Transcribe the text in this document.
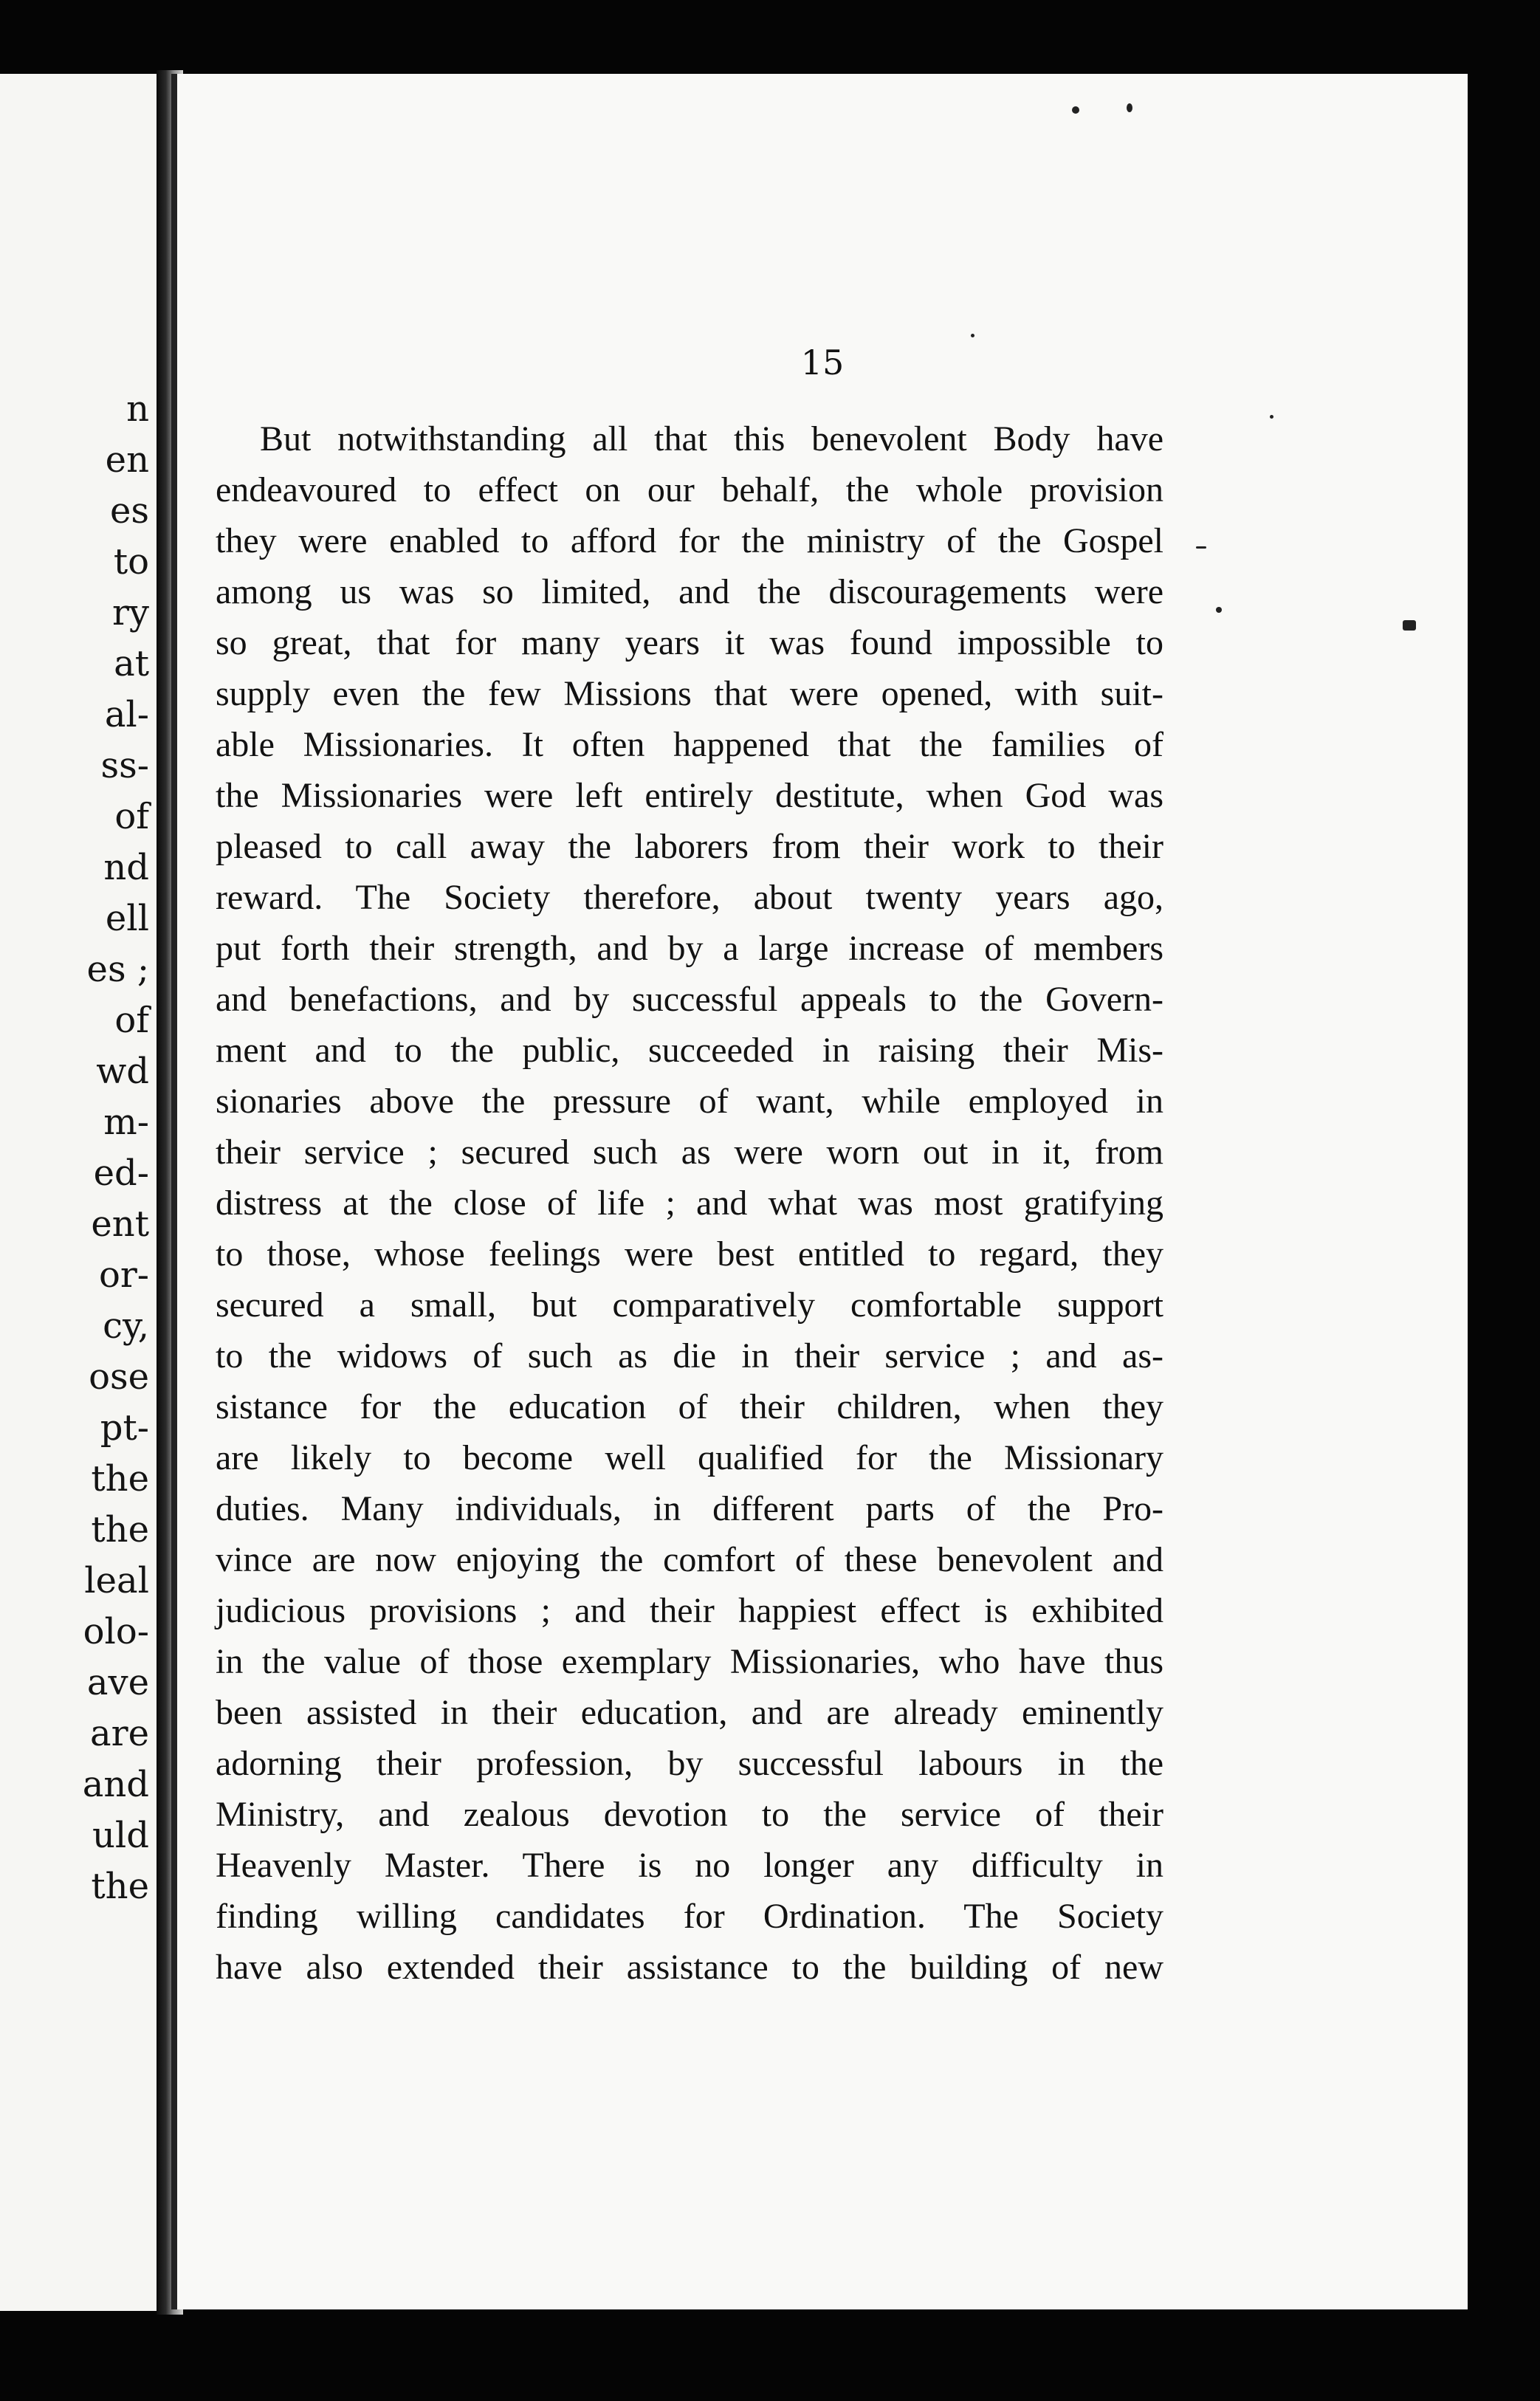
n
en
es
to
ry
at
al-
ss-
of
nd
ell
es ;
of
wd
m-
ed-
ent
or-
cy,
ose
pt-
the
the
leal
olo-
ave
are
and
uld
the
15
But notwithstanding all that this benevolent Body have
endeavoured to effect on our behalf, the whole provision
they were enabled to afford for the ministry of the Gospel
among us was so limited, and the discouragements were
so great, that for many years it was found impossible to
supply even the few Missions that were opened, with suit-
able Missionaries. It often happened that the families of
the Missionaries were left entirely destitute, when God was
pleased to call away the laborers from their work to their
reward. The Society therefore, about twenty years ago,
put forth their strength, and by a large increase of members
and benefactions, and by successful appeals to the Govern-
ment and to the public, succeeded in raising their Mis-
sionaries above the pressure of want, while employed in
their service ; secured such as were worn out in it, from
distress at the close of life ; and what was most gratifying
to those, whose feelings were best entitled to regard, they
secured a small, but comparatively comfortable support
to the widows of such as die in their service ; and as-
sistance for the education of their children, when they
are likely to become well qualified for the Missionary
duties. Many individuals, in different parts of the Pro-
vince are now enjoying the comfort of these benevolent and
judicious provisions ; and their happiest effect is exhibited
in the value of those exemplary Missionaries, who have thus
been assisted in their education, and are already eminently
adorning their profession, by successful labours in the
Ministry, and zealous devotion to the service of their
Heavenly Master. There is no longer any difficulty in
finding willing candidates for Ordination. The Society
have also extended their assistance to the building of new
